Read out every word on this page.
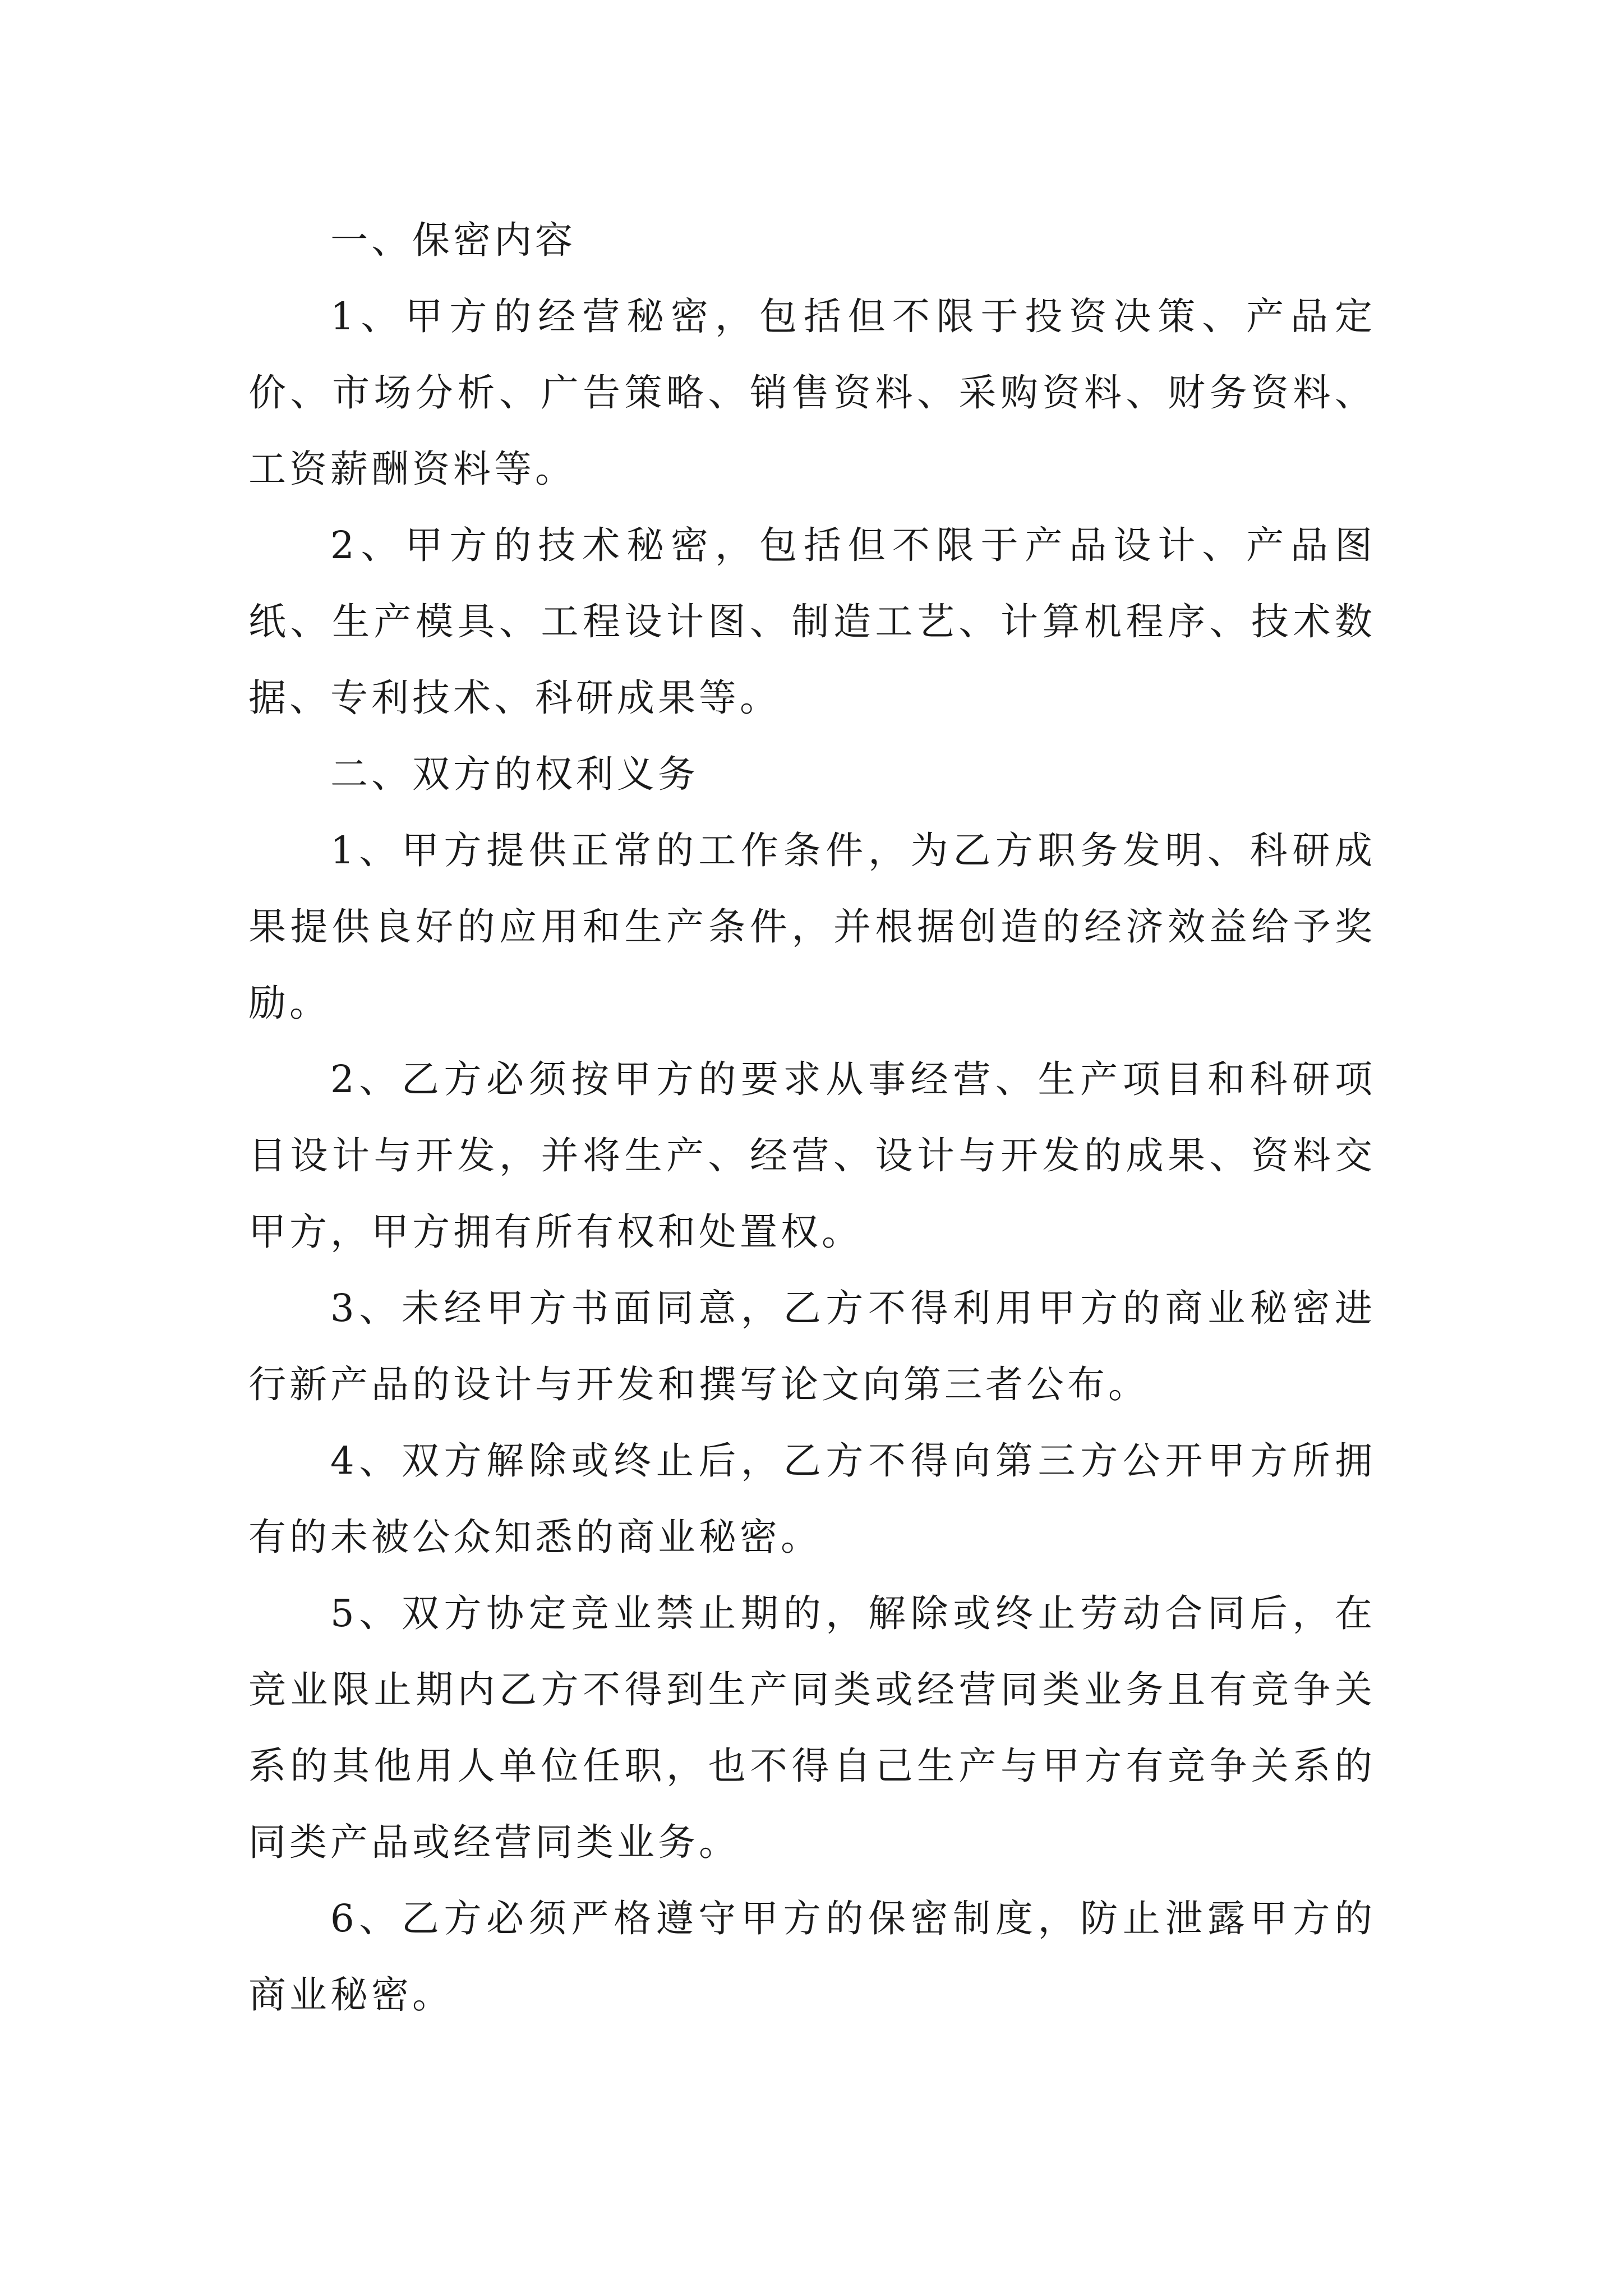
一、保密内容

1、甲方的经营秘密，包括但不限于投资决策、产品定价、市场分析、广告策略、销售资料、采购资料、财务资料、工资薪酬资料等。

2、甲方的技术秘密，包括但不限于产品设计、产品图纸、生产模具、工程设计图、制造工艺、计算机程序、技术数据、专利技术、科研成果等。

二、双方的权利义务

1、甲方提供正常的工作条件，为乙方职务发明、科研成果提供良好的应用和生产条件，并根据创造的经济效益给予奖励。

2、乙方必须按甲方的要求从事经营、生产项目和科研项目设计与开发，并将生产、经营、设计与开发的成果、资料交甲方，甲方拥有所有权和处置权。

3、未经甲方书面同意，乙方不得利用甲方的商业秘密进行新产品的设计与开发和撰写论文向第三者公布。

4、双方解除或终止后，乙方不得向第三方公开甲方所拥有的未被公众知悉的商业秘密。

5、双方协定竞业禁止期的，解除或终止劳动合同后，在竞业限止期内乙方不得到生产同类或经营同类业务且有竞争关系的其他用人单位任职，也不得自己生产与甲方有竞争关系的同类产品或经营同类业务。

6、乙方必须严格遵守甲方的保密制度，防止泄露甲方的商业秘密。
